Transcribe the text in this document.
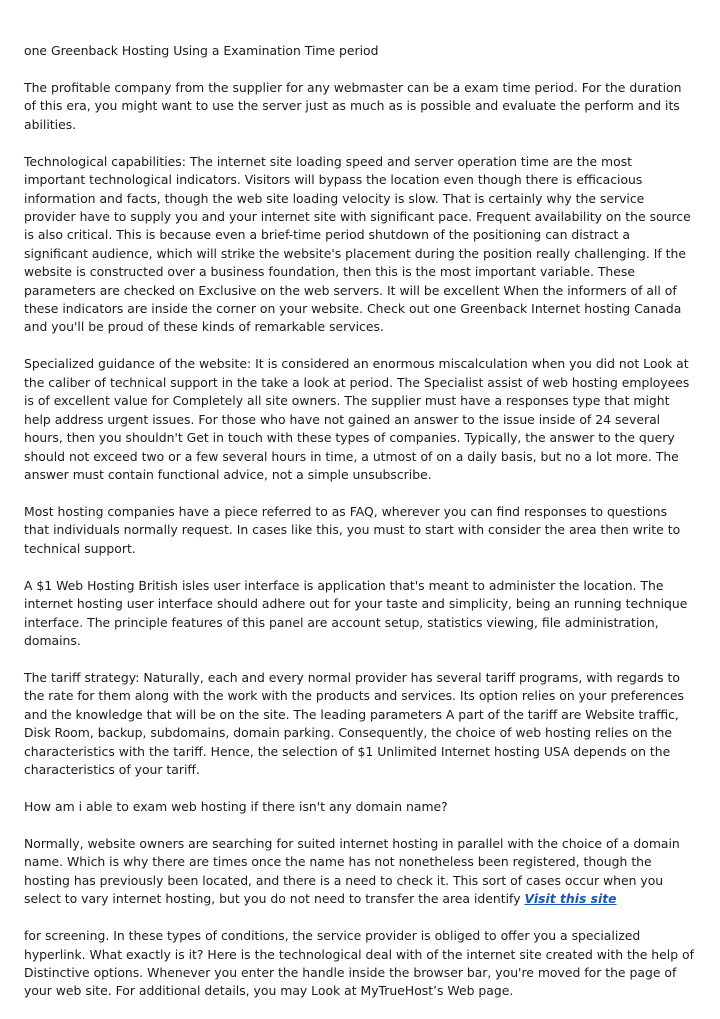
one Greenback Hosting Using a Examination Time period

The profitable company from the supplier for any webmaster can be a exam time period. For the duration of this era, you might want to use the server just as much as is possible and evaluate the perform and its abilities.

Technological capabilities: The internet site loading speed and server operation time are the most important technological indicators. Visitors will bypass the location even though there is efficacious information and facts, though the web site loading velocity is slow. That is certainly why the service provider have to supply you and your internet site with significant pace. Frequent availability on the source is also critical. This is because even a brief-time period shutdown of the positioning can distract a significant audience, which will strike the website's placement during the position really challenging. If the website is constructed over a business foundation, then this is the most important variable. These parameters are checked on Exclusive on the web servers. It will be excellent When the informers of all of these indicators are inside the corner on your website. Check out one Greenback Internet hosting Canada and you'll be proud of these kinds of remarkable services.

Specialized guidance of the website: It is considered an enormous miscalculation when you did not Look at the caliber of technical support in the take a look at period. The Specialist assist of web hosting employees is of excellent value for Completely all site owners. The supplier must have a responses type that might help address urgent issues. For those who have not gained an answer to the issue inside of 24 several hours, then you shouldn't Get in touch with these types of companies. Typically, the answer to the query should not exceed two or a few several hours in time, a utmost of on a daily basis, but no a lot more. The answer must contain functional advice, not a simple unsubscribe.

Most hosting companies have a piece referred to as FAQ, wherever you can find responses to questions that individuals normally request. In cases like this, you must to start with consider the area then write to technical support.

A $1 Web Hosting British isles user interface is application that's meant to administer the location. The internet hosting user interface should adhere out for your taste and simplicity, being an running technique interface. The principle features of this panel are account setup, statistics viewing, file administration, domains.

The tariff strategy: Naturally, each and every normal provider has several tariff programs, with regards to the rate for them along with the work with the products and services. Its option relies on your preferences and the knowledge that will be on the site. The leading parameters A part of the tariff are Website traffic, Disk Room, backup, subdomains, domain parking. Consequently, the choice of web hosting relies on the characteristics with the tariff. Hence, the selection of $1 Unlimited Internet hosting USA depends on the characteristics of your tariff.

How am i able to exam web hosting if there isn't any domain name?

Normally, website owners are searching for suited internet hosting in parallel with the choice of a domain name. Which is why there are times once the name has not nonetheless been registered, though the hosting has previously been located, and there is a need to check it. This sort of cases occur when you select to vary internet hosting, but you do not need to transfer the area identify Visit this site

for screening. In these types of conditions, the service provider is obliged to offer you a specialized hyperlink. What exactly is it? Here is the technological deal with of the internet site created with the help of Distinctive options. Whenever you enter the handle inside the browser bar, you're moved for the page of your web site. For additional details, you may Look at MyTrueHost’s Web page.
